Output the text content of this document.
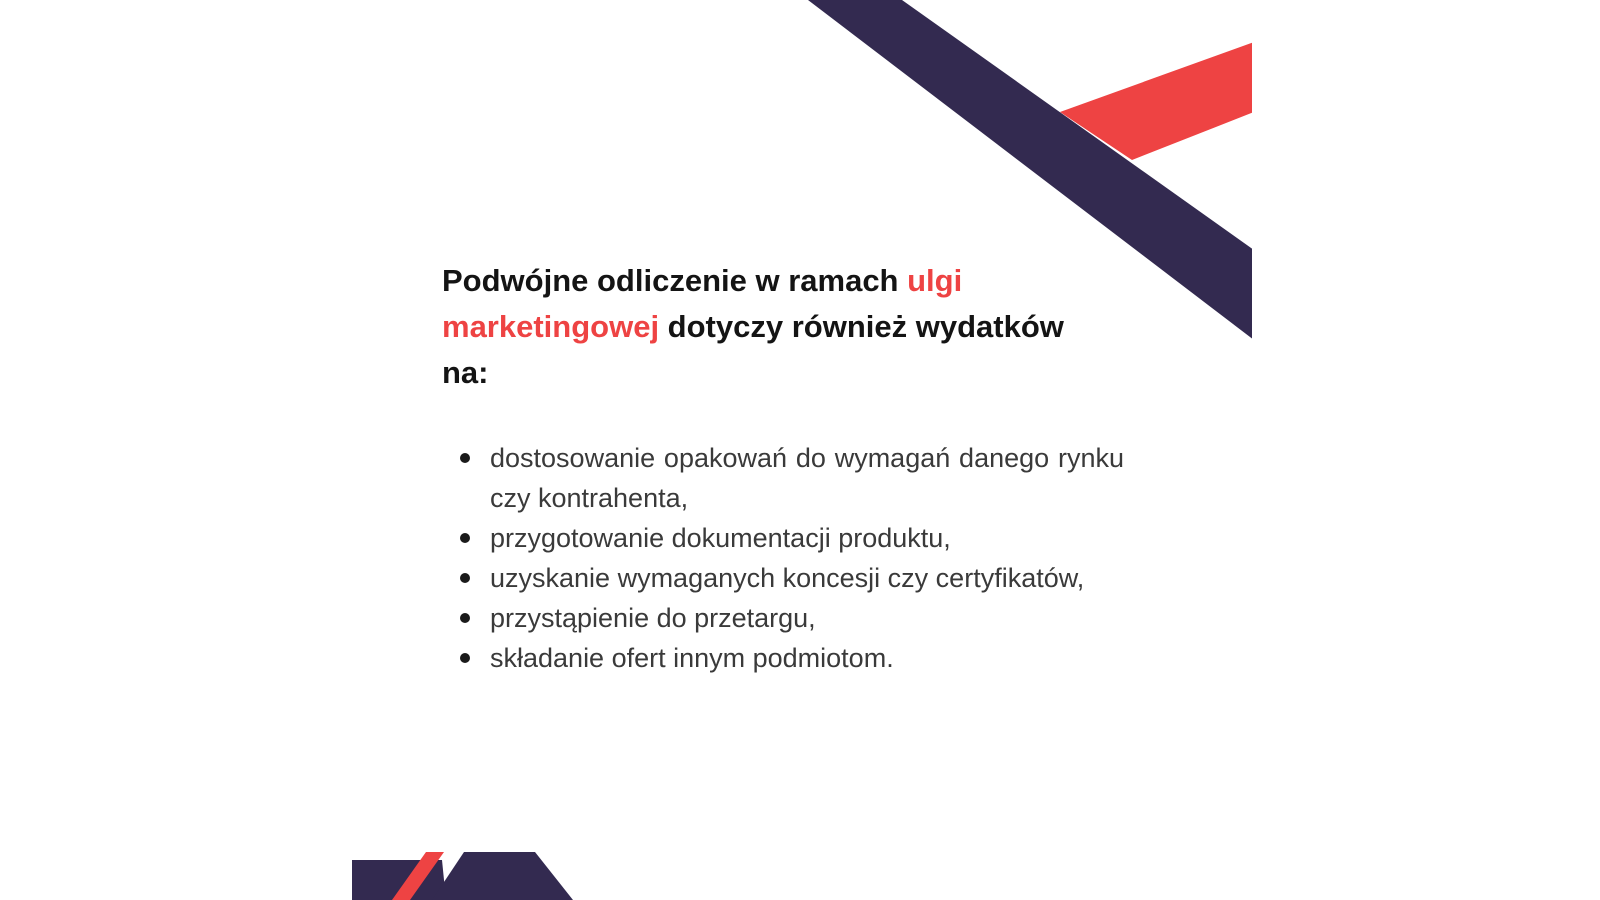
Podwójne odliczenie w ramach ulgi marketingowej dotyczy również wydatków na:
dostosowanie opakowań do wymagań danego rynku czy kontrahenta,
przygotowanie dokumentacji produktu,
uzyskanie wymaganych koncesji czy certyfikatów,
przystąpienie do przetargu,
składanie ofert innym podmiotom.
